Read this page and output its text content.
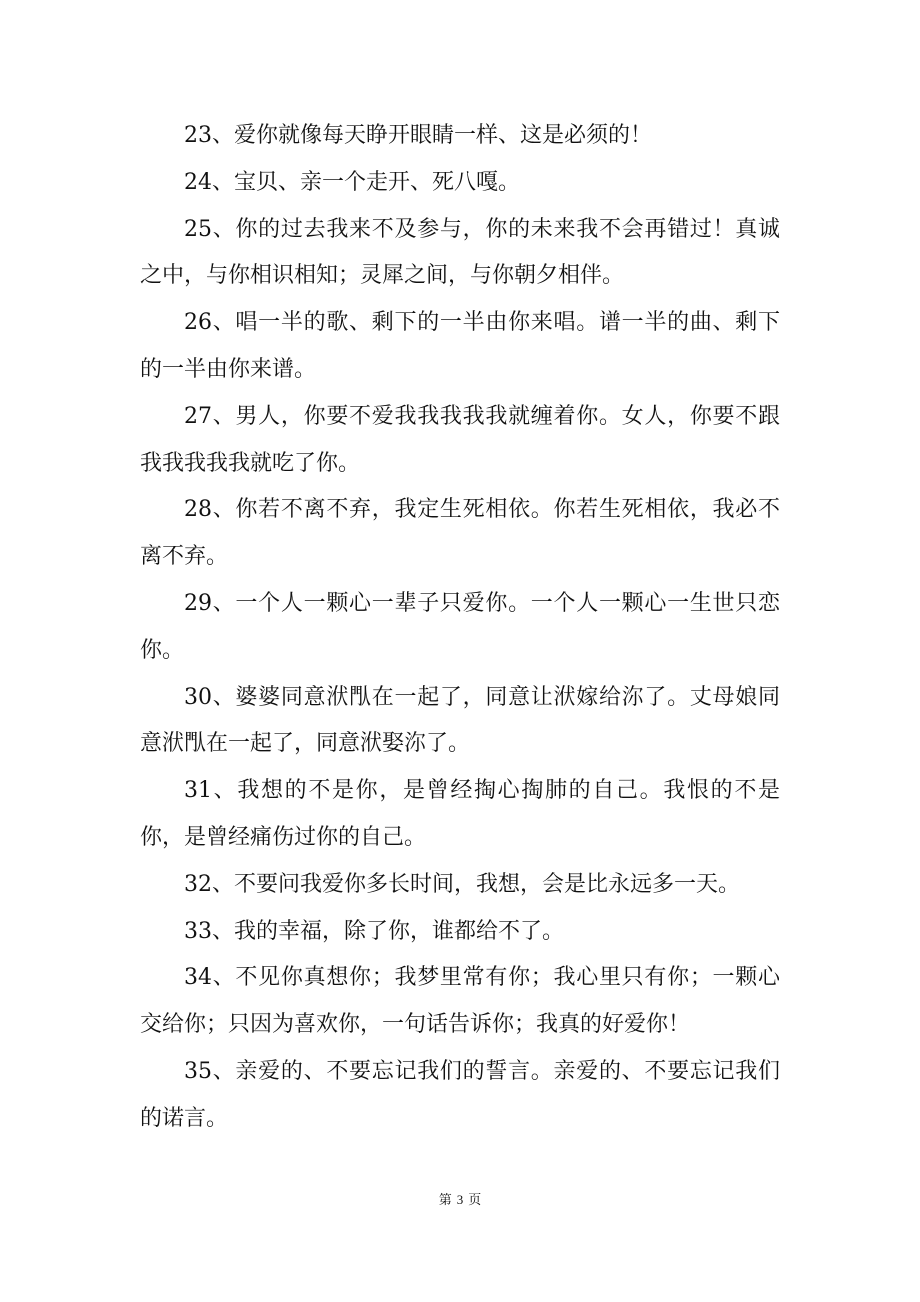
23、爱你就像每天睁开眼睛一样、这是必须的！

24、宝贝、亲一个走开、死八嘎。

25、你的过去我来不及参与，你的未来我不会再错过！真诚之中，与你相识相知；灵犀之间，与你朝夕相伴。

26、唱一半的歌、剩下的一半由你来唱。谱一半的曲、剩下的一半由你来谱。

27、男人，你要不爱我我我我我就缠着你。女人，你要不跟我我我我我就吃了你。

28、你若不离不弃，我定生死相依。你若生死相依，我必不离不弃。

29、一个人一颗心一辈子只爱你。一个人一颗心一生世只恋你。

30、婆婆同意洑閄在一起了，同意让洑嫁给沵了。丈母娘同意洑閄在一起了，同意洑娶沵了。

31、我想的不是你，是曾经掏心掏肺的自己。我恨的不是你，是曾经痛伤过你的自己。

32、不要问我爱你多长时间，我想，会是比永远多一天。

33、我的幸福，除了你，谁都给不了。

34、不见你真想你；我梦里常有你；我心里只有你；一颗心交给你；只因为喜欢你，一句话告诉你；我真的好爱你！

35、亲爱的、不要忘记我们的誓言。亲爱的、不要忘记我们的诺言。

第 3 页
